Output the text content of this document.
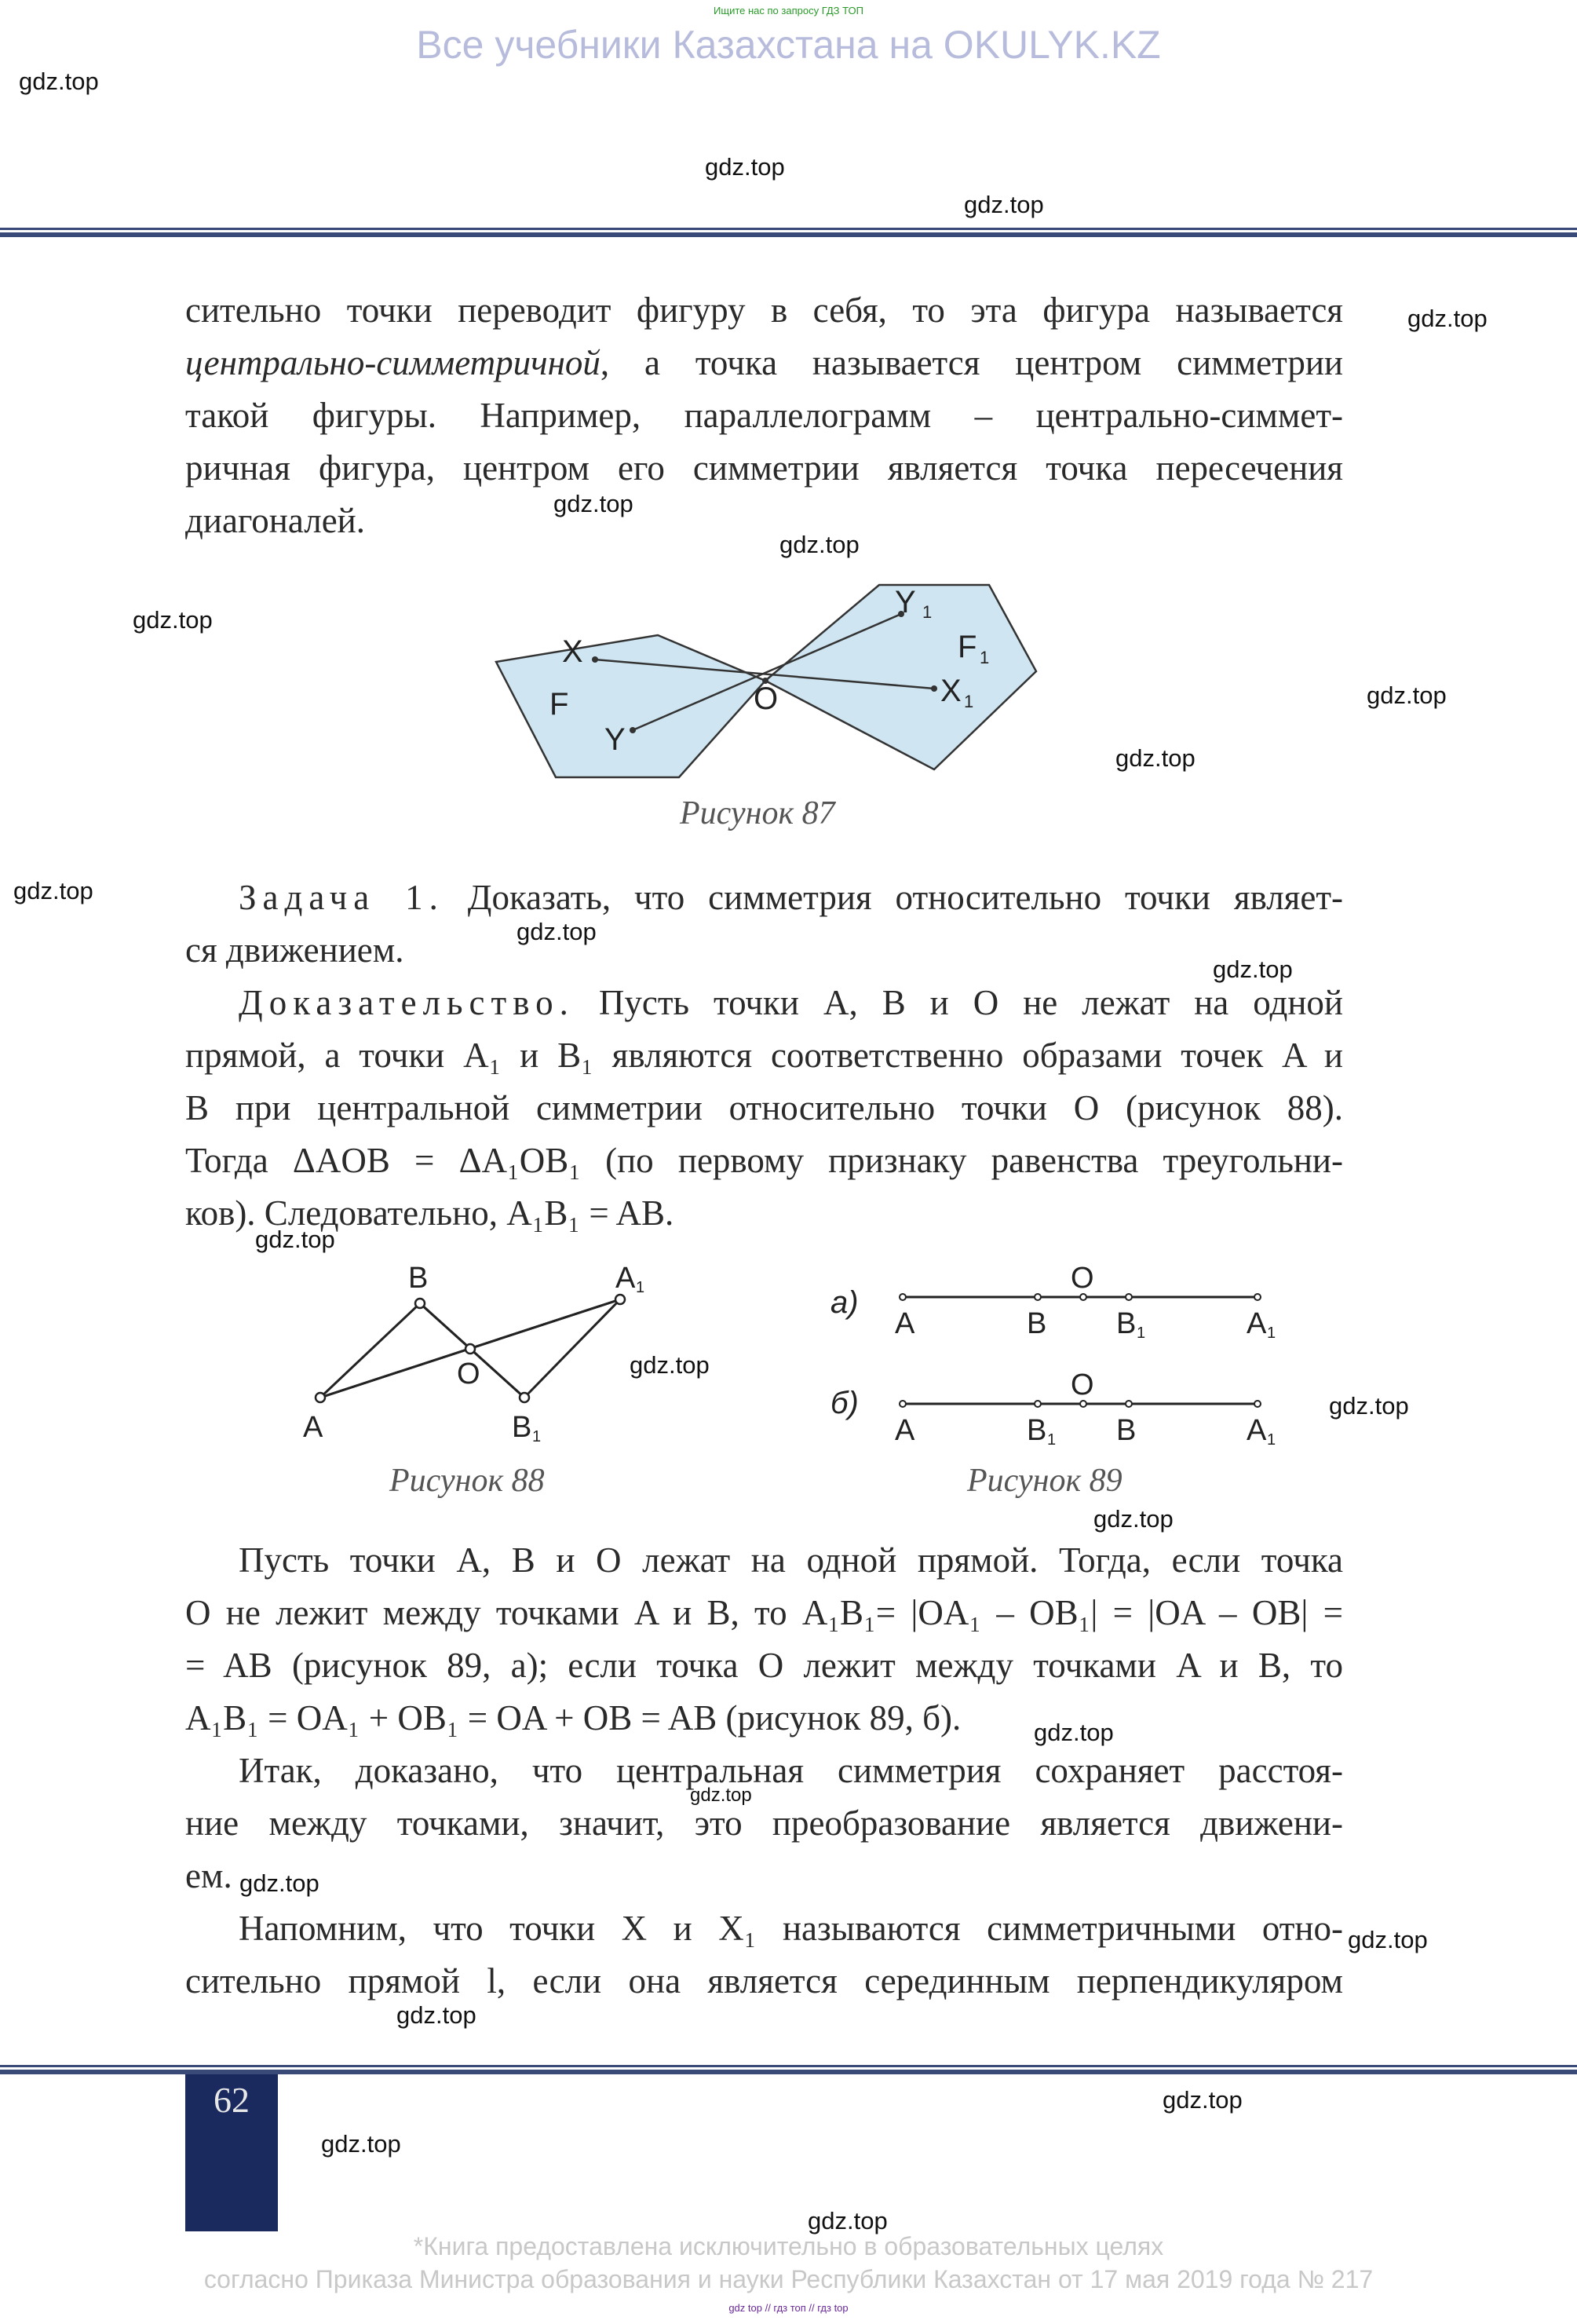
Ищите нас по запросу ГДЗ ТОП
Все учебники Казахстана на OKULYK.KZ
gdz.top
gdz.top
gdz.top
gdz.top
gdz.top
gdz.top
gdz.top
gdz.top
gdz.top
gdz.top
gdz.top
gdz.top
gdz.top
gdz.top
gdz.top
gdz.top
gdz.top
gdz.top
gdz.top
gdz.top
gdz.top
gdz.top
gdz.top
gdz.top
сительно точки переводит фигуру в себя, то эта фигура называется
центрально-симметричной, а точка называется центром симметрии
такой фигуры. Например, параллелограмм – центрально-симмет-
ричная фигура, центром его симметрии является точка пересечения
диагоналей.
X
F
Y
O
Y 1
F 1
X 1
Рисунок 87
Задача 1. Доказать, что симметрия относительно точки являет-
ся движением.
Доказательство. Пусть точки A, B и O не лежат на одной
прямой, а точки A₁ и B₁ являются соответственно образами точек A и
B при центральной симметрии относительно точки O (рисунок 88).
Тогда ΔAOB = ΔA₁OB₁ (по первому признаку равенства треугольни-
ков). Следовательно, A₁B₁ = AB.
A
B
O
B 1
A 1
Рисунок 88
а)
O
A	B B 1	A 1
б)
O
A	B 1 B	A 1
Рисунок 89
Пусть точки A, B и O лежат на одной прямой. Тогда, если точка
O не лежит между точками A и B, то A₁B₁= |OA₁ – OB₁| = |OA – OB| =
= AB (рисунок 89, а); если точка O лежит между точками A и B, то
A₁B₁ = OA₁ + OB₁ = OA + OB = AB (рисунок 89, б).
Итак, доказано, что центральная симметрия сохраняет расстоя-
ние между точками, значит, это преобразование является движени-
ем.
Напомним, что точки X и X₁ называются симметричными отно-
сительно прямой l, если она является серединным перпендикуляром
62
*Книга предоставлена исключительно в образовательных целях
согласно Приказа Министра образования и науки Республики Казахстан от 17 мая 2019 года № 217
gdz top // гдз топ // гдз top
